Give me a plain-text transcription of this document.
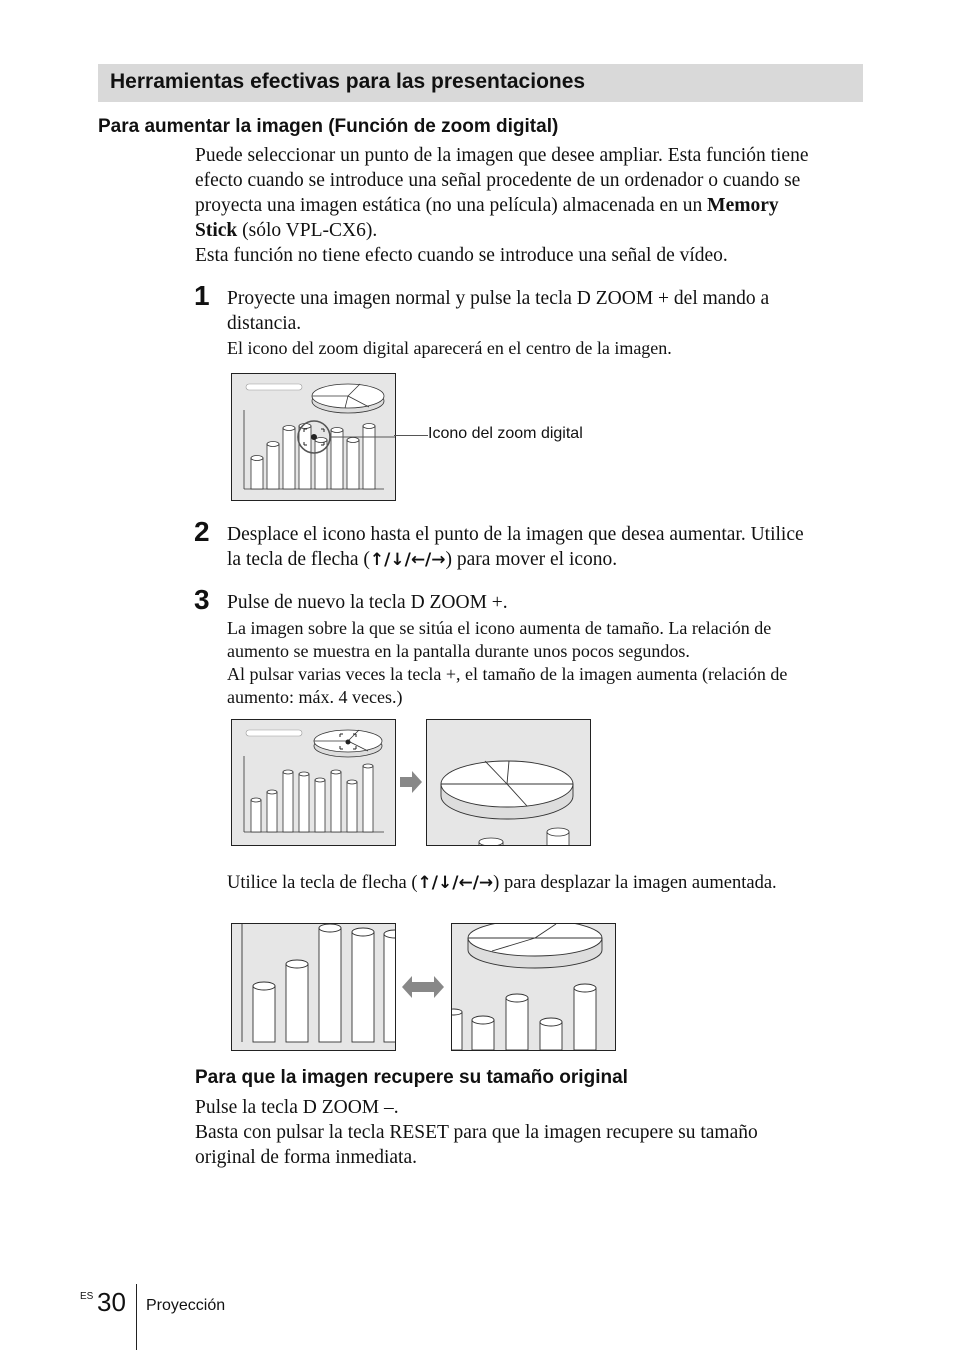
Herramientas efectivas para las presentaciones
Para aumentar la imagen (Función de zoom digital)
Puede seleccionar un punto de la imagen que desee ampliar. Esta función tiene
efecto cuando se introduce una señal procedente de un ordenador o cuando se
proyecta una imagen estática (no una película) almacenada en un Memory
Stick (sólo VPL-CX6).
Esta función no tiene efecto cuando se introduce una señal de vídeo.
1 Proyecte una imagen normal y pulse la tecla D ZOOM + del mando a
distancia.
El icono del zoom digital aparecerá en el centro de la imagen.
Icono del zoom digital
2 Desplace el icono hasta el punto de la imagen que desea aumentar. Utilice
la tecla de flecha (↑/↓/←/→) para mover el icono.
3 Pulse de nuevo la tecla D ZOOM +.
La imagen sobre la que se sitúa el icono aumenta de tamaño. La relación de
aumento se muestra en la pantalla durante unos pocos segundos.
Al pulsar varias veces la tecla +, el tamaño de la imagen aumenta (relación de
aumento: máx. 4 veces.)
Utilice la tecla de flecha (↑/↓/←/→) para desplazar la imagen aumentada.
Para que la imagen recupere su tamaño original
Pulse la tecla D ZOOM –.
Basta con pulsar la tecla RESET para que la imagen recupere su tamaño
original de forma inmediata.
ES 30 Proyección
